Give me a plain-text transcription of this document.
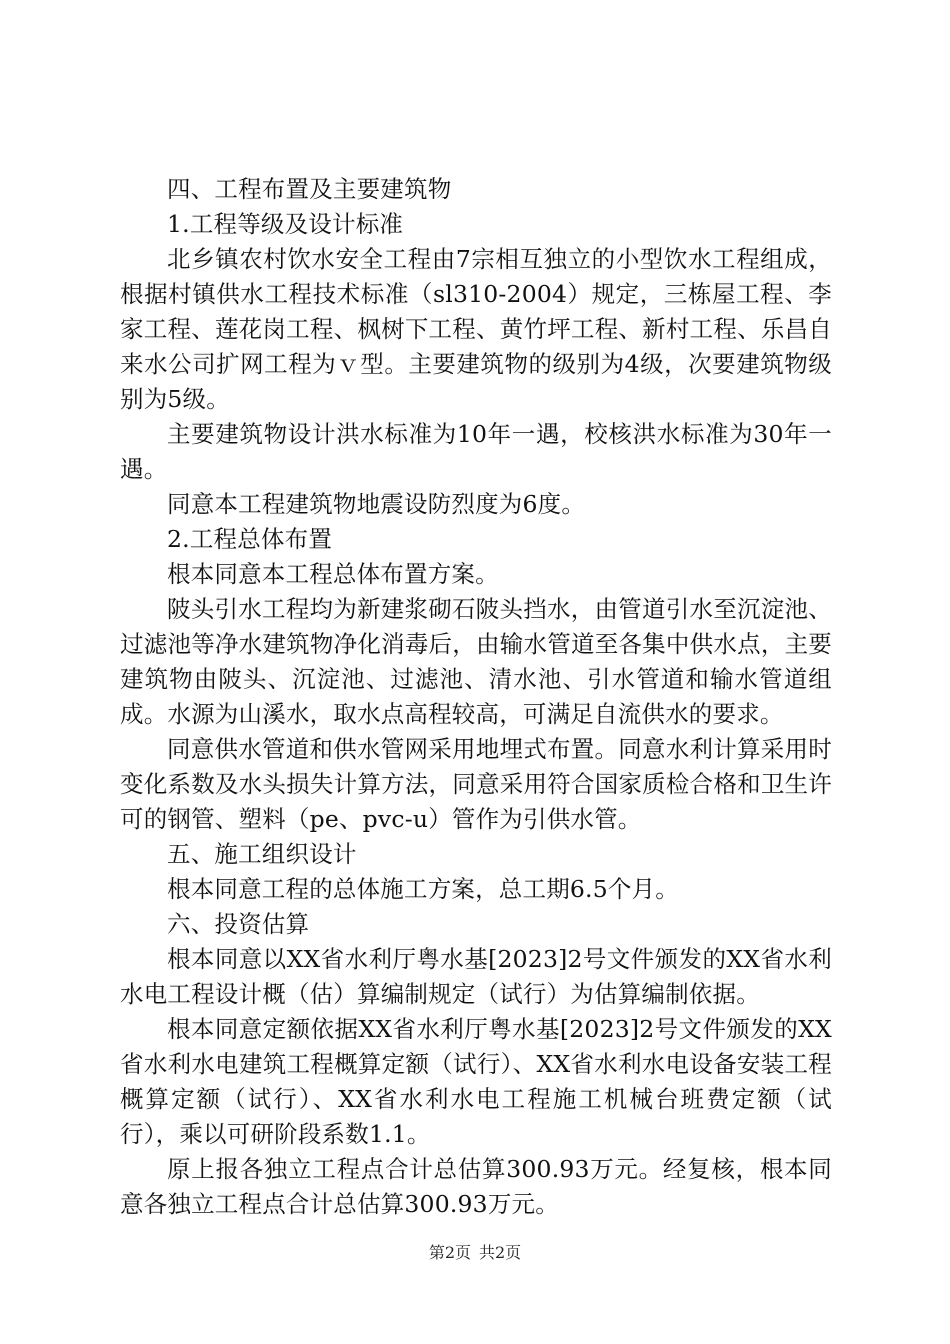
四、工程布置及主要建筑物

1.工程等级及设计标准

北乡镇农村饮水安全工程由7宗相互独立的小型饮水工程组成，根据村镇供水工程技术标准（sl310-2004）规定，三栋屋工程、李家工程、莲花岗工程、枫树下工程、黄竹坪工程、新村工程、乐昌自来水公司扩网工程为ｖ型。主要建筑物的级别为4级，次要建筑物级别为5级。

主要建筑物设计洪水标准为10年一遇，校核洪水标准为30年一遇。

同意本工程建筑物地震设防烈度为6度。

2.工程总体布置

根本同意本工程总体布置方案。

陂头引水工程均为新建浆砌石陂头挡水，由管道引水至沉淀池、过滤池等净水建筑物净化消毒后，由输水管道至各集中供水点，主要建筑物由陂头、沉淀池、过滤池、清水池、引水管道和输水管道组成。水源为山溪水，取水点高程较高，可满足自流供水的要求。

同意供水管道和供水管网采用地埋式布置。同意水利计算采用时变化系数及水头损失计算方法，同意采用符合国家质检合格和卫生许可的钢管、塑料（pe、pvc-u）管作为引供水管。

五、施工组织设计

根本同意工程的总体施工方案，总工期6.5个月。

六、投资估算

根本同意以XX省水利厅粤水基[2023]2号文件颁发的XX省水利水电工程设计概（估）算编制规定（试行）为估算编制依据。

根本同意定额依据XX省水利厅粤水基[2023]2号文件颁发的XX省水利水电建筑工程概算定额（试行）、XX省水利水电设备安装工程概算定额（试行）、XX省水利水电工程施工机械台班费定额（试行），乘以可研阶段系数1.1。

原上报各独立工程点合计总估算300.93万元。经复核，根本同意各独立工程点合计总估算300.93万元。

第2页 共2页
